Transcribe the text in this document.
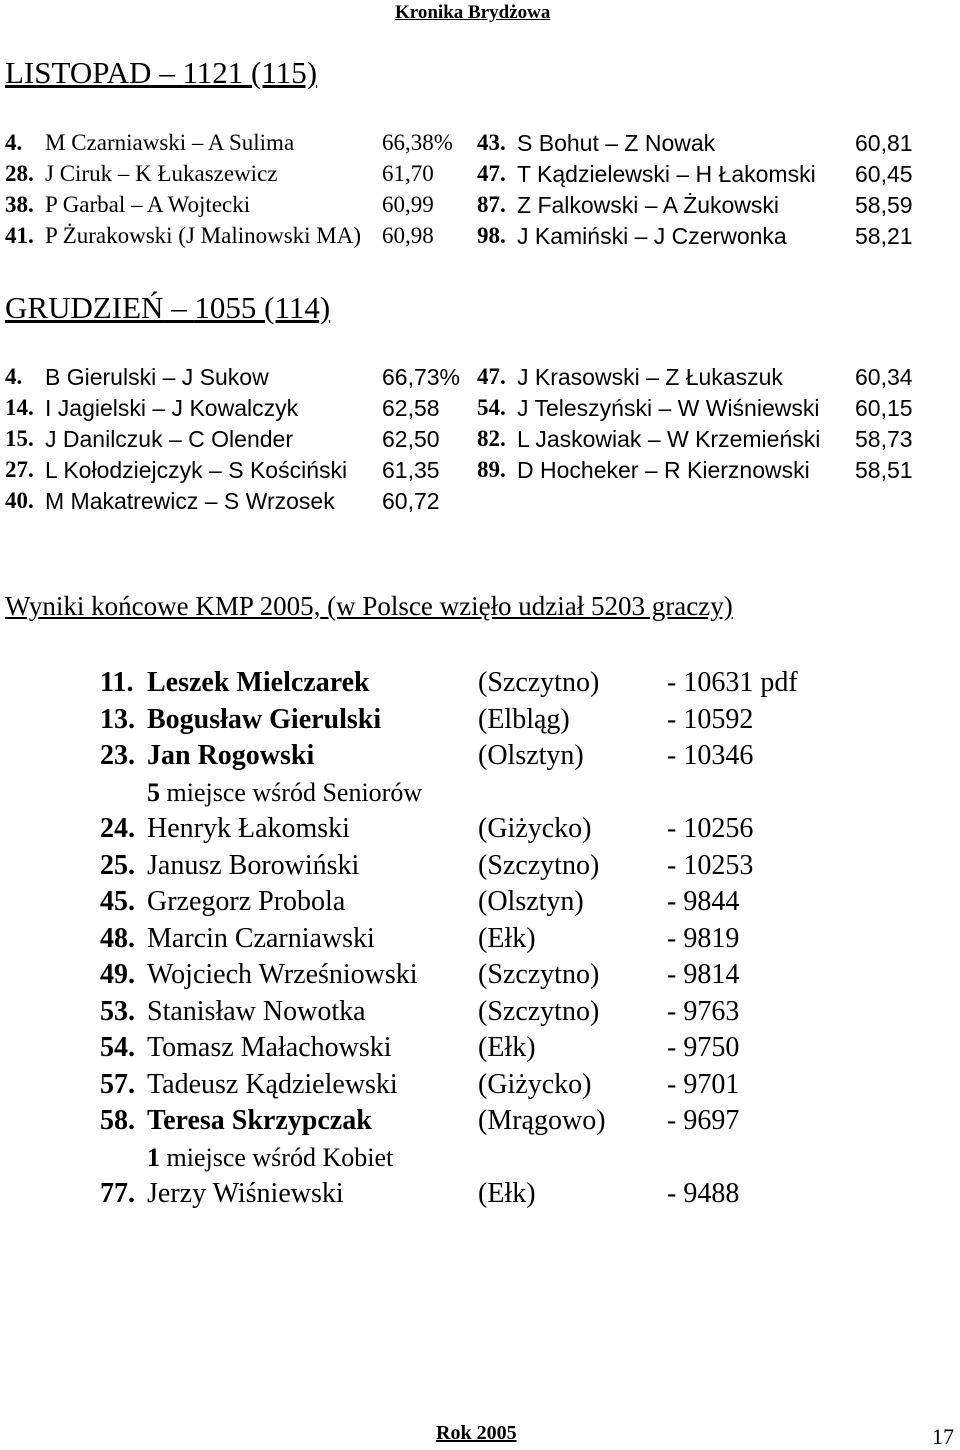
Kronika Brydżowa
LISTOPAD – 1121 (115)
4. M Czarniawski – A Sulima	66,38%
28. J Ciruk – K Łukaszewicz	61,70
38. P Garbal – A Wojtecki	60,99
41. P Żurakowski (J Malinowski MA) 60,98
43. S Bohut – Z Nowak	60,81
47. T Kądzielewski – H Łakomski 60,45
87. Z Falkowski – A Żukowski	58,59
98. J Kamiński – J Czerwonka	58,21
GRUDZIEŃ – 1055 (114)
4. B Gierulski – J Sukow	66,73%
14. I Jagielski – J Kowalczyk	62,58
15. J Danilczuk – C Olender	62,50
27. L Kołodziejczyk – S Kościński 61,35
40. M Makatrewicz – S Wrzosek 60,72
47. J Krasowski – Z Łukaszuk	60,34
54. J Teleszyński – W Wiśniewski 60,15
82. L Jaskowiak – W Krzemieński 58,73
89. D Hocheker – R Kierznowski 58,51
Wyniki końcowe KMP 2005, (w Polsce wzięło udział 5203 graczy)
11. Leszek Mielczarek	(Szczytno) - 10631 pdf
13. Bogusław Gierulski	(Elbląg)	- 10592
23. Jan Rogowski	(Olsztyn)	- 10346
5 miejsce wśród Seniorów
24. Henryk Łakomski	(Giżycko)	- 10256
25. Janusz Borowiński	(Szczytno) - 10253
45. Grzegorz Probola	(Olsztyn)	- 9844
48. Marcin Czarniawski	(Ełk)	- 9819
49. Wojciech Wrześniowski (Szczytno) - 9814
53. Stanisław Nowotka	(Szczytno) - 9763
54. Tomasz Małachowski	(Ełk)	- 9750
57. Tadeusz Kądzielewski	(Giżycko)	- 9701
58. Teresa Skrzypczak	(Mrągowo) - 9697
1 miejsce wśród Kobiet
77. Jerzy Wiśniewski	(Ełk)	- 9488
Rok 2005	17
